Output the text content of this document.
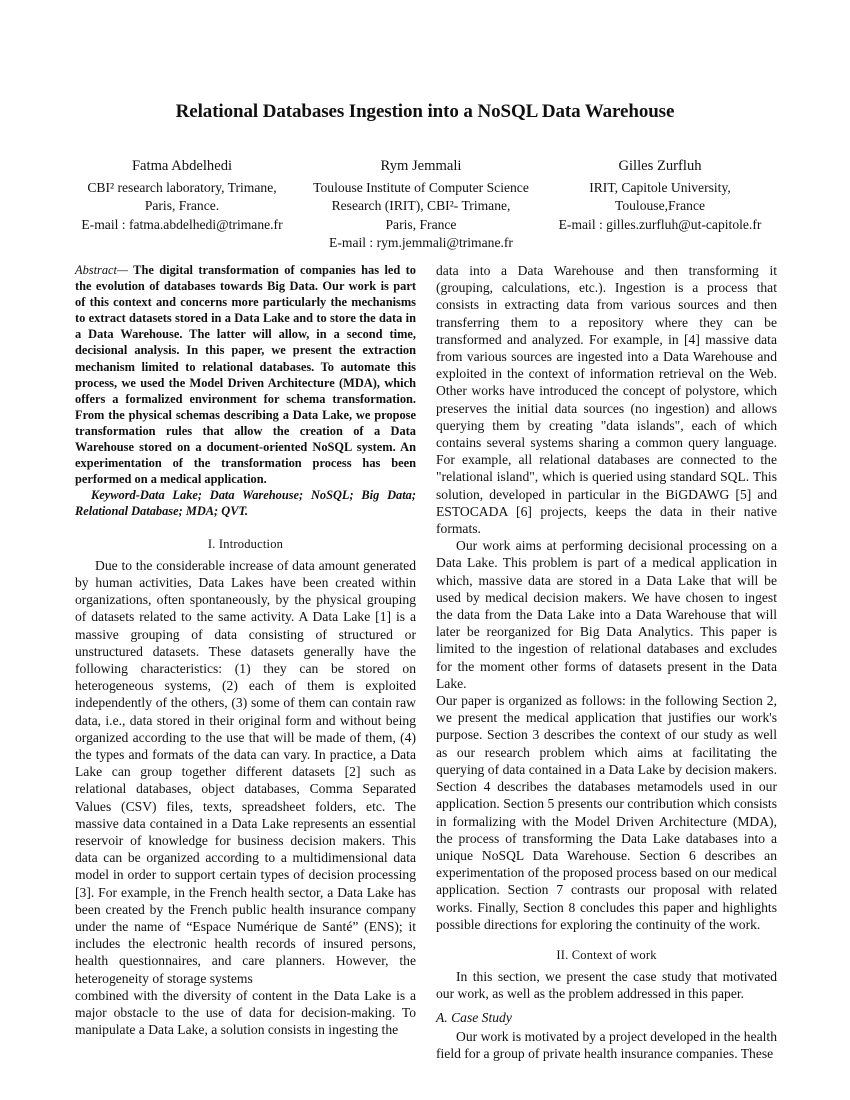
Relational Databases Ingestion into a NoSQL Data Warehouse
Fatma Abdelhedi
CBI² research laboratory, Trimane,
Paris, France.
E-mail : fatma.abdelhedi@trimane.fr
Rym Jemmali
Toulouse Institute of Computer Science
Research (IRIT), CBI²- Trimane,
Paris, France
E-mail : rym.jemmali@trimane.fr
Gilles Zurfluh
IRIT, Capitole University,
Toulouse,France
E-mail : gilles.zurfluh@ut-capitole.fr

Abstract— The digital transformation of companies has led to the evolution of databases towards Big Data. Our work is part of this context and concerns more particularly the mechanisms to extract datasets stored in a Data Lake and to store the data in a Data Warehouse. The latter will allow, in a second time, decisional analysis. In this paper, we present the extraction mechanism limited to relational databases. To automate this process, we used the Model Driven Architecture (MDA), which offers a formalized environment for schema transformation. From the physical schemas describing a Data Lake, we propose transformation rules that allow the creation of a Data Warehouse stored on a document-oriented NoSQL system. An experimentation of the transformation process has been performed on a medical application.

Keyword-Data Lake; Data Warehouse; NoSQL; Big Data; Relational Database; MDA; QVT.

I. Introduction

Due to the considerable increase of data amount generated by human activities, Data Lakes have been created within organizations, often spontaneously, by the physical grouping of datasets related to the same activity. A Data Lake [1] is a massive grouping of data consisting of structured or unstructured datasets. These datasets generally have the following characteristics: (1) they can be stored on heterogeneous systems, (2) each of them is exploited independently of the others, (3) some of them can contain raw data, i.e., data stored in their original form and without being organized according to the use that will be made of them, (4) the types and formats of the data can vary. In practice, a Data Lake can group together different datasets [2] such as relational databases, object databases, Comma Separated Values (CSV) files, texts, spreadsheet folders, etc. The massive data contained in a Data Lake represents an essential reservoir of knowledge for business decision makers. This data can be organized according to a multidimensional data model in order to support certain types of decision processing [3]. For example, in the French health sector, a Data Lake has been created by the French public health insurance company under the name of “Espace Numérique de Santé” (ENS); it includes the electronic health records of insured persons, health questionnaires, and care planners. However, the heterogeneity of storage systems

combined with the diversity of content in the Data Lake is a major obstacle to the use of data for decision-making. To manipulate a Data Lake, a solution consists in ingesting the

data into a Data Warehouse and then transforming it (grouping, calculations, etc.). Ingestion is a process that consists in extracting data from various sources and then transferring them to a repository where they can be transformed and analyzed. For example, in [4] massive data from various sources are ingested into a Data Warehouse and exploited in the context of information retrieval on the Web. Other works have introduced the concept of polystore, which preserves the initial data sources (no ingestion) and allows querying them by creating "data islands", each of which contains several systems sharing a common query language. For example, all relational databases are connected to the "relational island", which is queried using standard SQL. This solution, developed in particular in the BiGDAWG [5] and ESTOCADA [6] projects, keeps the data in their native formats.

Our work aims at performing decisional processing on a Data Lake. This problem is part of a medical application in which, massive data are stored in a Data Lake that will be used by medical decision makers. We have chosen to ingest the data from the Data Lake into a Data Warehouse that will later be reorganized for Big Data Analytics. This paper is limited to the ingestion of relational databases and excludes for the moment other forms of datasets present in the Data Lake.

Our paper is organized as follows: in the following Section 2, we present the medical application that justifies our work's purpose. Section 3 describes the context of our study as well as our research problem which aims at facilitating the querying of data contained in a Data Lake by decision makers. Section 4 describes the databases metamodels used in our application. Section 5 presents our contribution which consists in formalizing with the Model Driven Architecture (MDA), the process of transforming the Data Lake databases into a unique NoSQL Data Warehouse. Section 6 describes an experimentation of the proposed process based on our medical application. Section 7 contrasts our proposal with related works. Finally, Section 8 concludes this paper and highlights possible directions for exploring the continuity of the work.

II. Context of work

In this section, we present the case study that motivated our work, as well as the problem addressed in this paper.

A. Case Study

Our work is motivated by a project developed in the health field for a group of private health insurance companies. These
